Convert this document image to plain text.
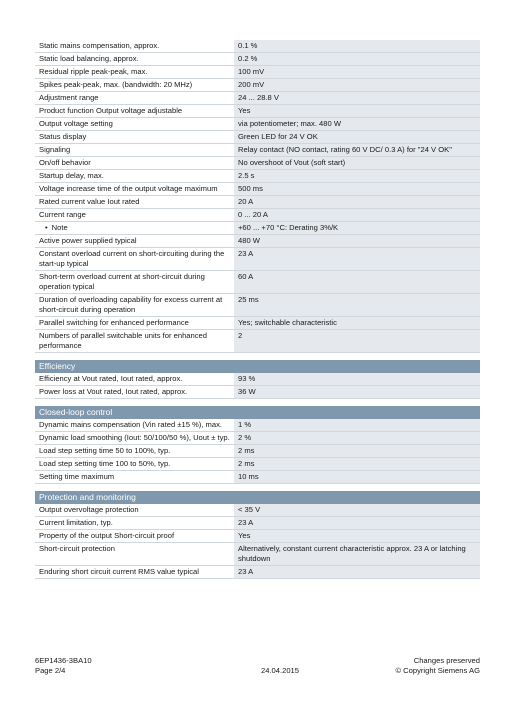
Static mains compensation, approx.	0.1 %
Static load balancing, approx.	0.2 %
Residual ripple peak-peak, max.	100 mV
Spikes peak-peak, max. (bandwidth: 20 MHz)	200 mV
Adjustment range	24 ... 28.8 V
Product function Output voltage adjustable	Yes
Output voltage setting	via potentiometer; max. 480 W
Status display	Green LED for 24 V OK
Signaling	Relay contact (NO contact, rating 60 V DC/ 0.3 A) for "24 V OK"
On/off behavior	No overshoot of Vout (soft start)
Startup delay, max.	2.5 s
Voltage increase time of the output voltage maximum	500 ms
Rated current value Iout rated	20 A
Current range	0 ... 20 A
• Note	+60 ... +70 °C: Derating 3%/K
Active power supplied typical	480 W
Constant overload current on short-circuiting during the start-up typical	23 A
Short-term overload current at short-circuit during operation typical	60 A
Duration of overloading capability for excess current at short-circuit during operation	25 ms
Parallel switching for enhanced performance	Yes; switchable characteristic
Numbers of parallel switchable units for enhanced performance	2
Efficiency
Efficiency at Vout rated, Iout rated, approx.	93 %
Power loss at Vout rated, Iout rated, approx.	36 W
Closed-loop control
Dynamic mains compensation (Vin rated ±15 %), max.	1 %
Dynamic load smoothing (Iout: 50/100/50 %), Uout ± typ.	2 %
Load step setting time 50 to 100%, typ.	2 ms
Load step setting time 100 to 50%, typ.	2 ms
Setting time maximum	10 ms
Protection and monitoring
Output overvoltage protection	< 35 V
Current limitation, typ.	23 A
Property of the output Short-circuit proof	Yes
Short-circuit protection	Alternatively, constant current characteristic approx. 23 A or latching shutdown
Enduring short circuit current RMS value typical	23 A
6EP1436-3BA10
Page 2/4	24.04.2015
Changes preserved
© Copyright Siemens AG
